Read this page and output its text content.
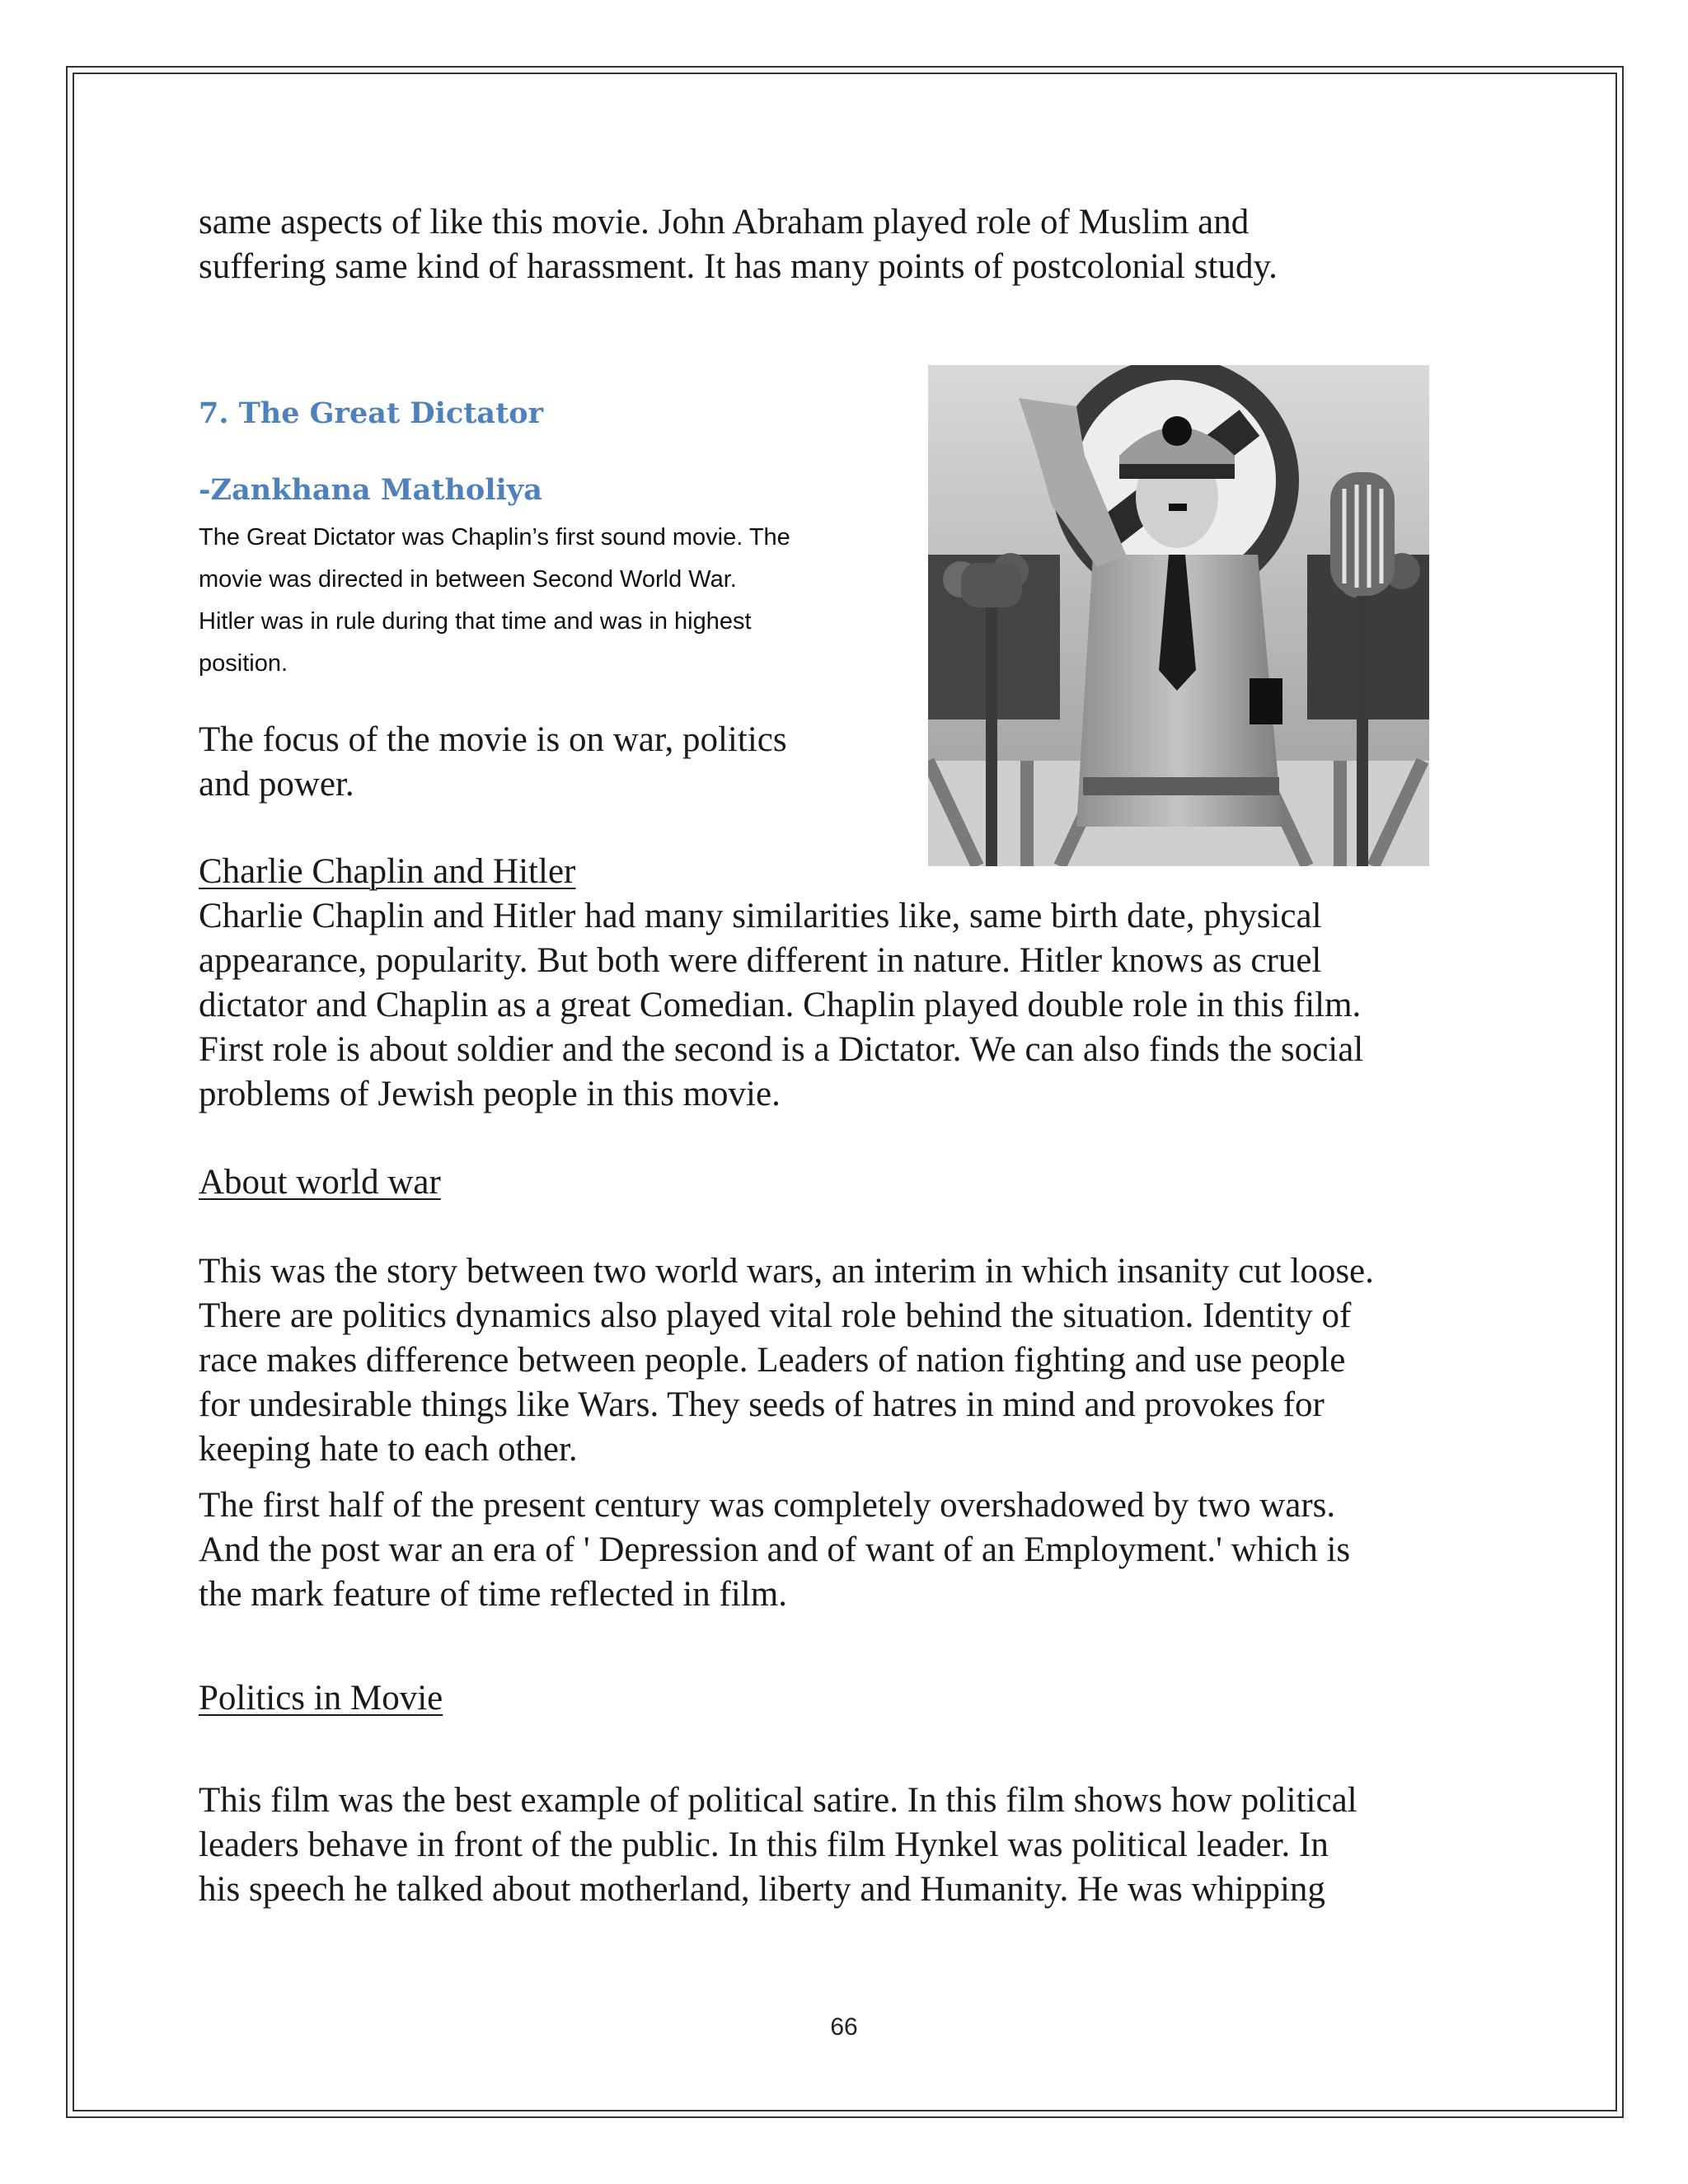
same aspects of like this movie. John Abraham played role of Muslim and
suffering same kind of harassment. It has many points of postcolonial study.

7. The Great Dictator

-Zankhana Matholiya

The Great Dictator was Chaplin’s first sound movie. The
movie was directed in between Second World War.
Hitler was in rule during that time and was in highest
position.

The focus of the movie is on war, politics
and power.

Charlie Chaplin and Hitler

Charlie Chaplin and Hitler had many similarities like, same birth date, physical
appearance, popularity. But both were different in nature. Hitler knows as cruel
dictator and Chaplin as a great Comedian. Chaplin played double role in this film.
First role is about soldier and the second is a Dictator. We can also finds the social
problems of Jewish people in this movie.

About world war

This was the story between two world wars, an interim in which insanity cut loose.
There are politics dynamics also played vital role behind the situation. Identity of
race makes difference between people. Leaders of nation fighting and use people
for undesirable things like Wars. They seeds of hatres in mind and provokes for
keeping hate to each other.

The first half of the present century was completely overshadowed by two wars.
And the post war an era of ' Depression and of want of an Employment.' which is
the mark feature of time reflected in film.

Politics in Movie

This film was the best example of political satire. In this film shows how political
leaders behave in front of the public. In this film Hynkel was political leader. In
his speech he talked about motherland, liberty and Humanity. He was whipping

66
